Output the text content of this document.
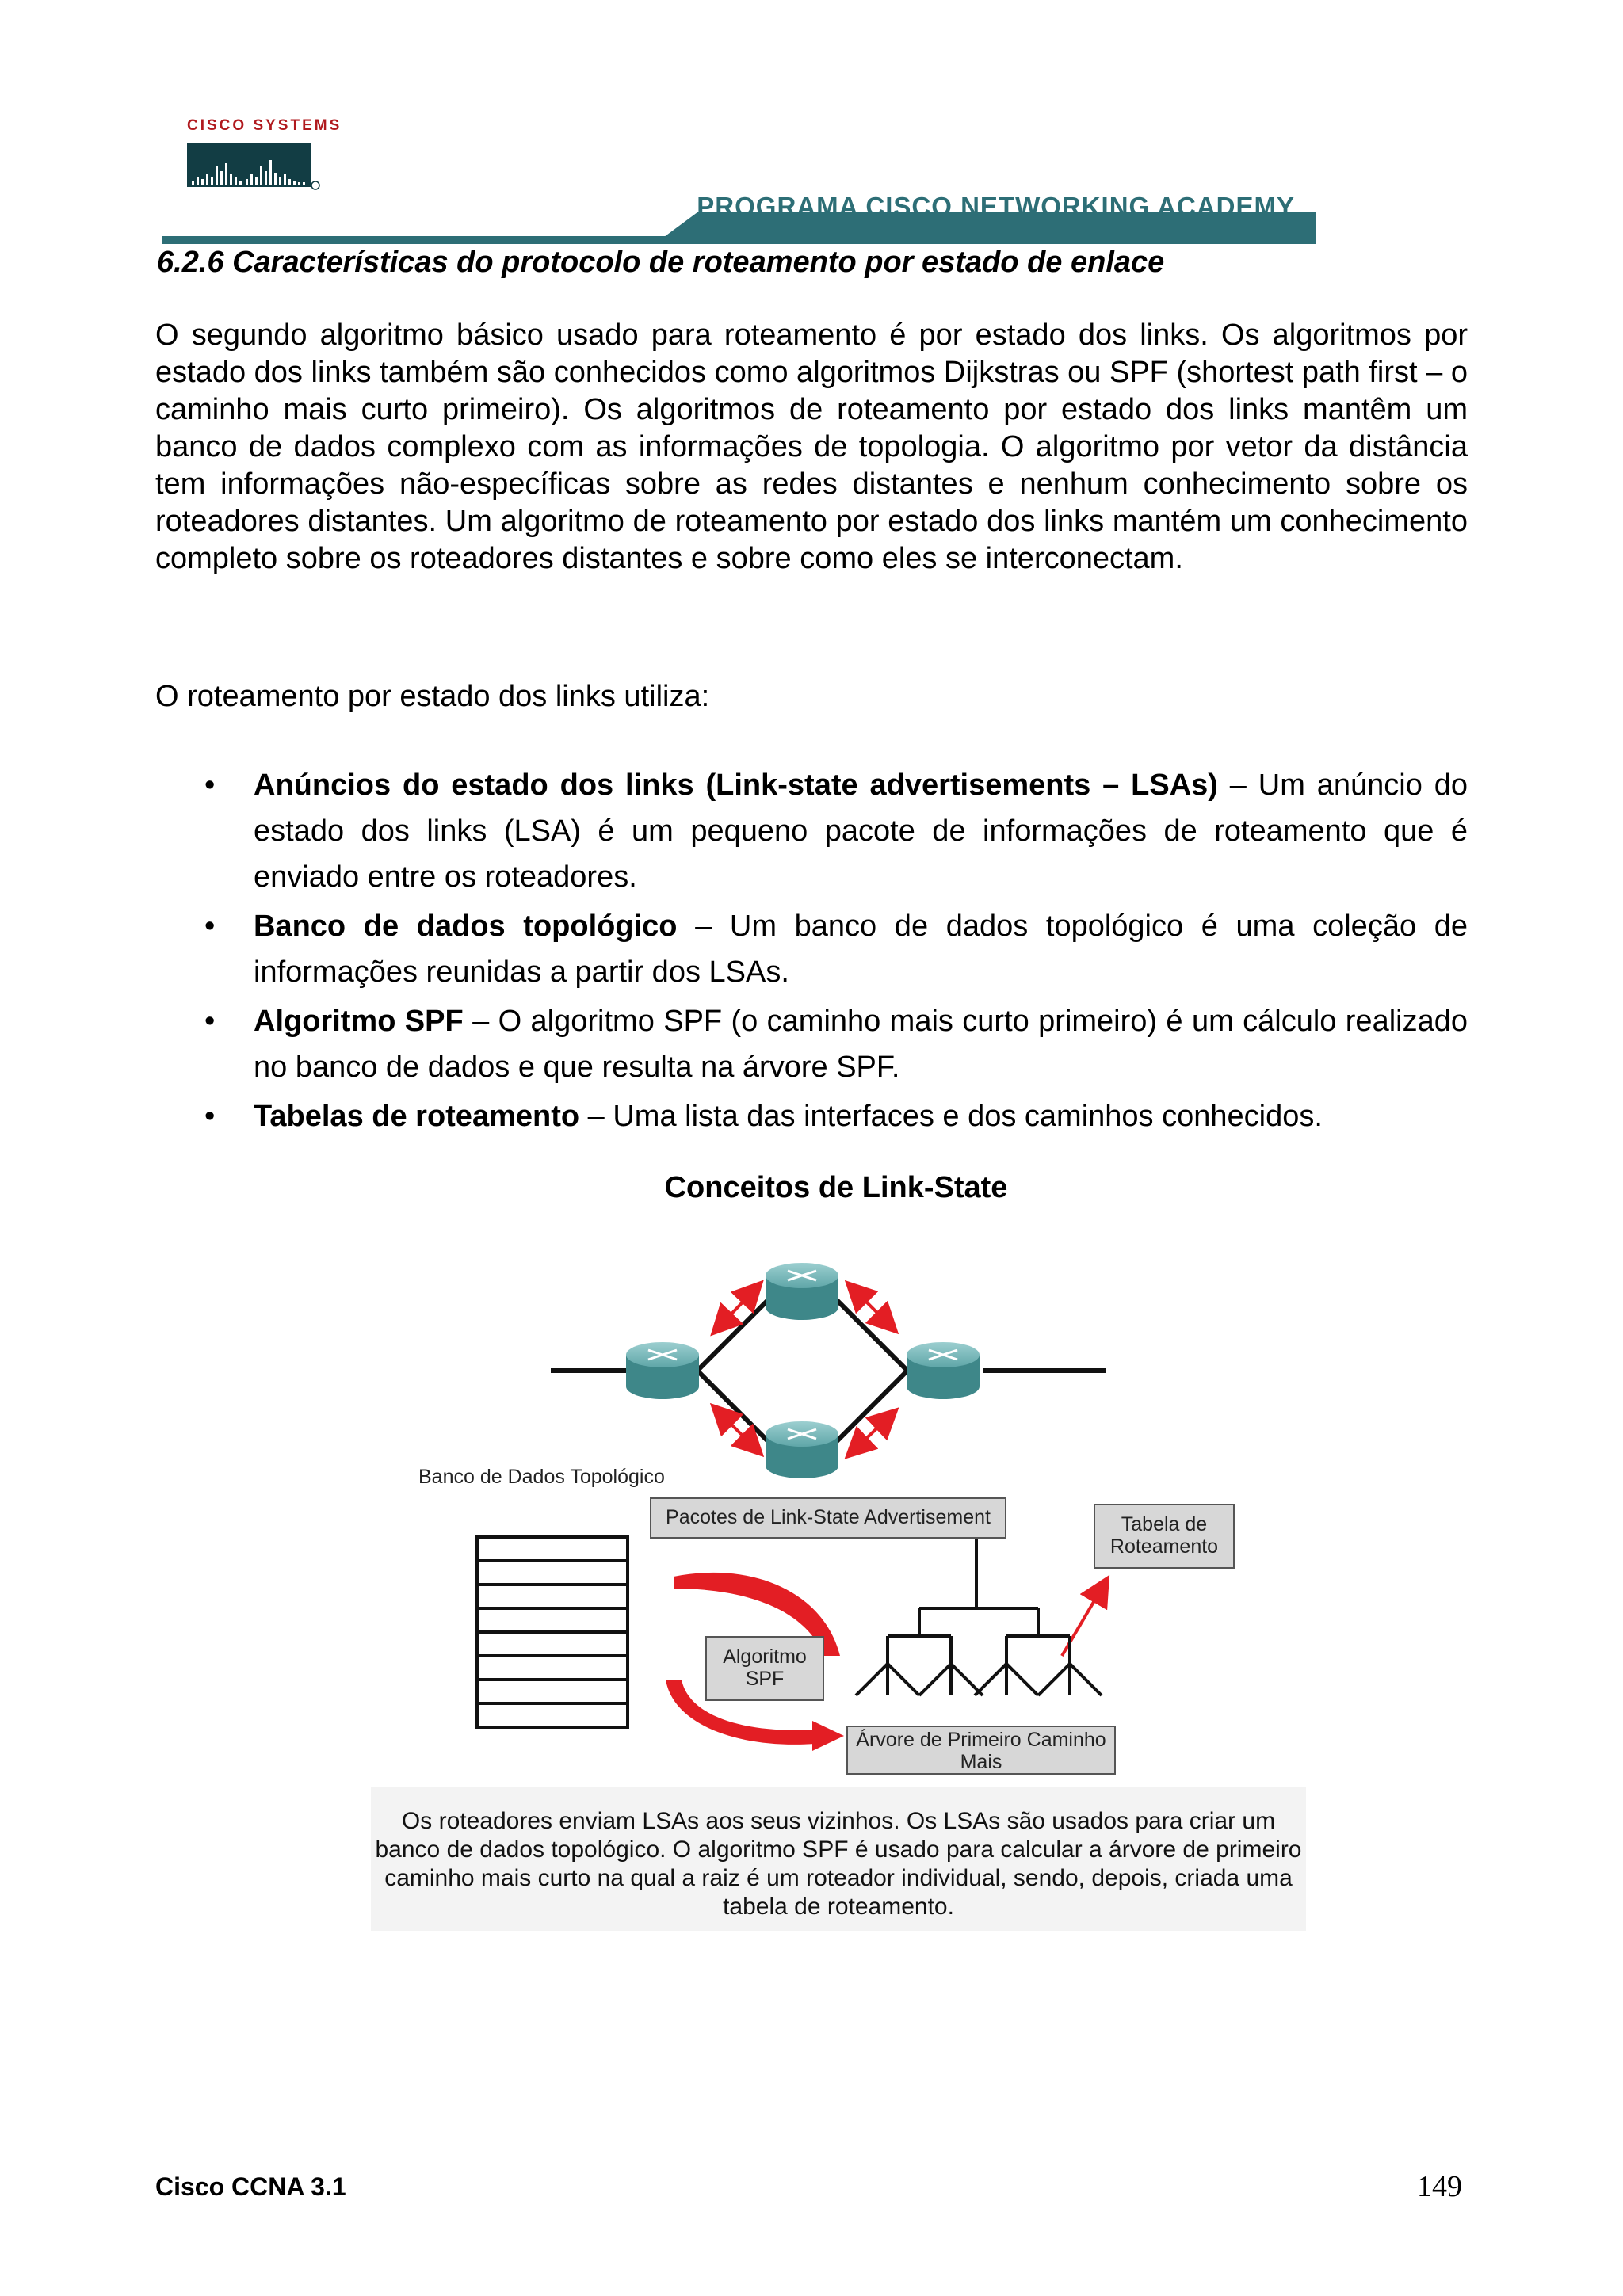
CISCO SYSTEMS
PROGRAMA CISCO NETWORKING ACADEMY
6.2.6 Características do protocolo de roteamento por estado de enlace
O segundo algoritmo básico usado para roteamento é por estado dos links. Os algoritmos por estado dos links também são conhecidos como algoritmos Dijkstras ou SPF (shortest path first – o caminho mais curto primeiro). Os algoritmos de roteamento por estado dos links mantêm um banco de dados complexo com as informações de topologia. O algoritmo por vetor da distância tem informações não-específicas sobre as redes distantes e nenhum conhecimento sobre os roteadores distantes. Um algoritmo de roteamento por estado dos links mantém um conhecimento completo sobre os roteadores distantes e sobre como eles se interconectam.
O roteamento por estado dos links utiliza:
• Anúncios do estado dos links (Link-state advertisements – LSAs) – Um anúncio do estado dos links (LSA) é um pequeno pacote de informações de roteamento que é enviado entre os roteadores.
• Banco de dados topológico – Um banco de dados topológico é uma coleção de informações reunidas a partir dos LSAs.
• Algoritmo SPF – O algoritmo SPF (o caminho mais curto primeiro) é um cálculo realizado no banco de dados e que resulta na árvore SPF.
• Tabelas de roteamento – Uma lista das interfaces e dos caminhos conhecidos.
Conceitos de Link-State
Banco de Dados Topológico
Pacotes de Link-State Advertisement	Tabela de
Roteamento
Algoritmo
SPF
Árvore de Primeiro Caminho
Mais
Os roteadores enviam LSAs aos seus vizinhos. Os LSAs são usados para criar um banco de dados topológico. O algoritmo SPF é usado para calcular a árvore de primeiro caminho mais curto na qual a raiz é um roteador individual, sendo, depois, criada uma tabela de roteamento.
Cisco CCNA 3.1	149
